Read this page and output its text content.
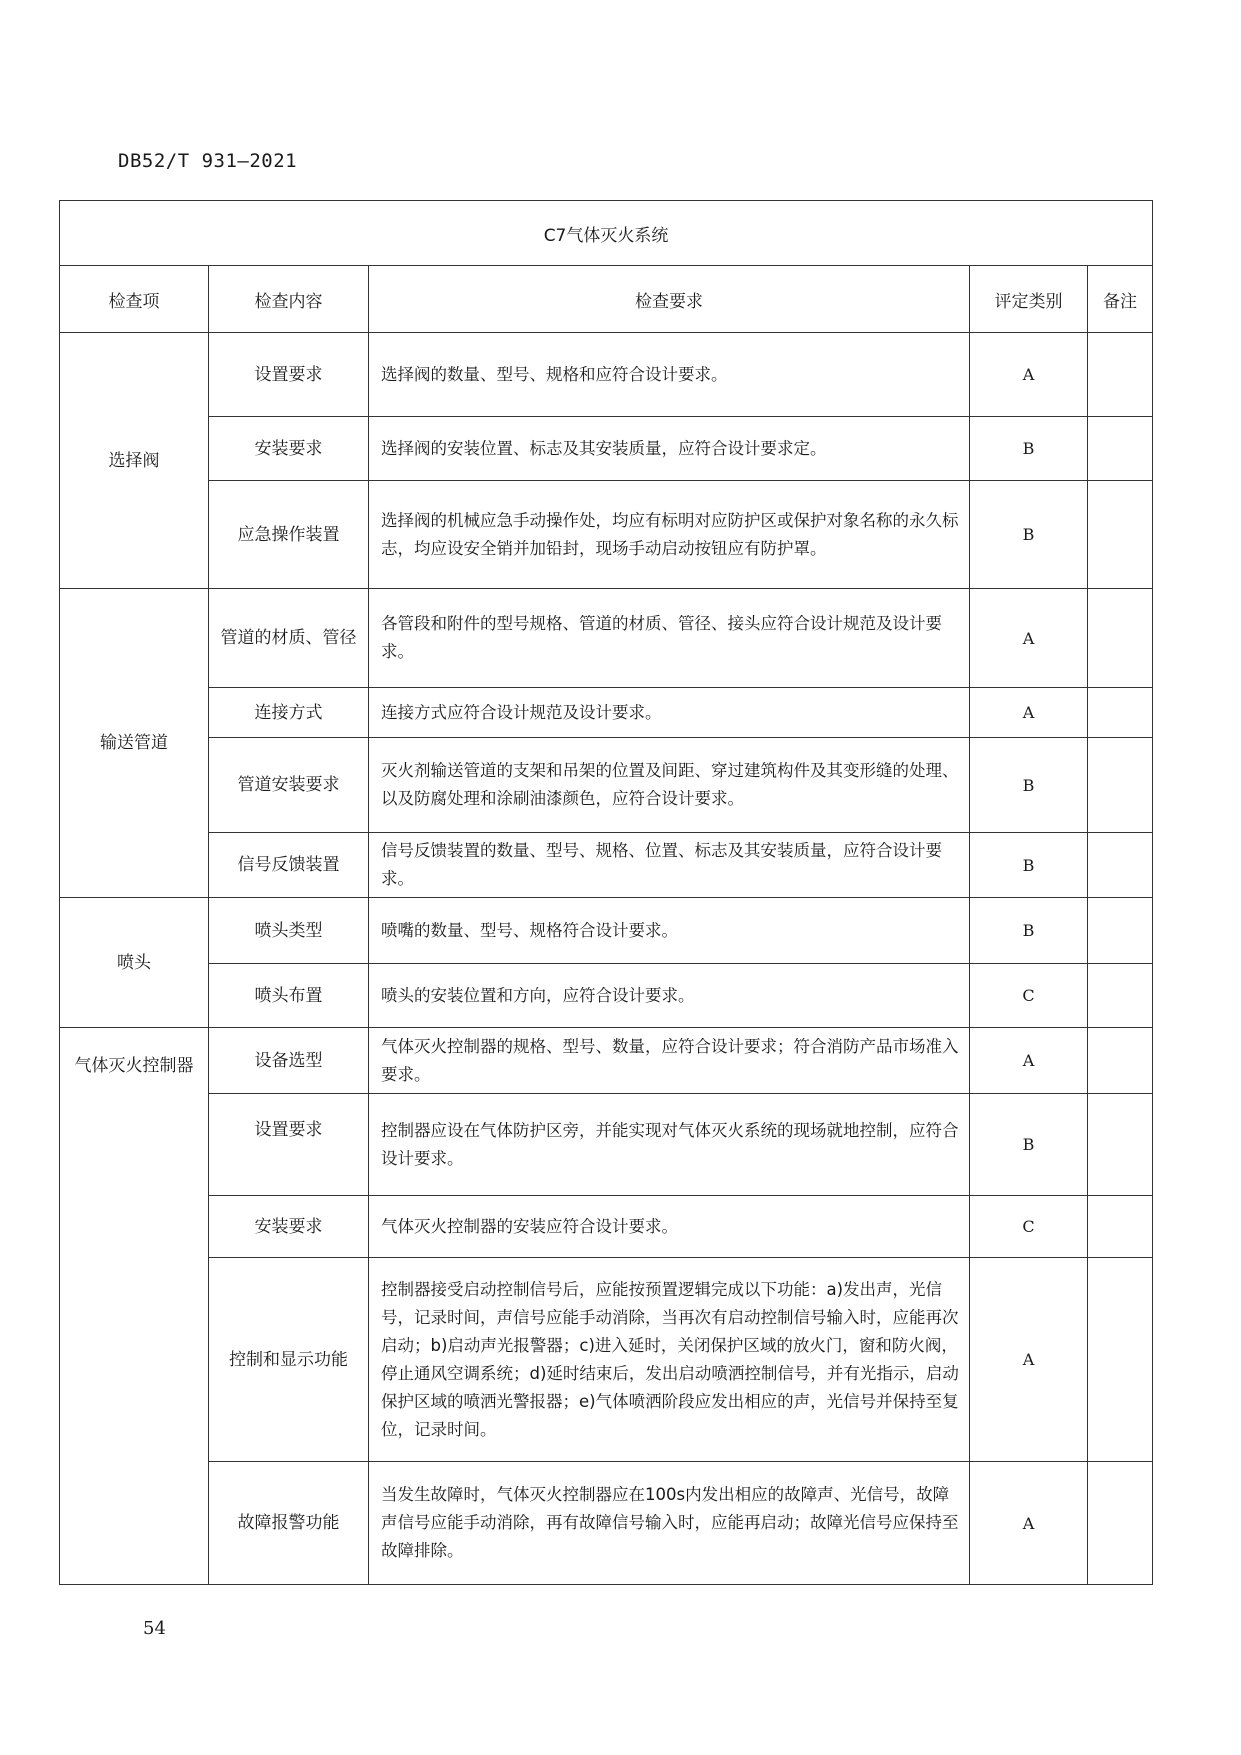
DB52/T 931—2021
C7气体灭火系统				
检查项	检查内容	检查要求	评定类别	备注
选择阀	设置要求	选择阀的数量、型号、规格和应符合设计要求。	A	
	安装要求	选择阀的安装位置、标志及其安装质量，应符合设计要求定。	B	
	应急操作装置	选择阀的机械应急手动操作处，均应有标明对应防护区或保护对象名称的永久标志，均应设安全销并加铅封，现场手动启动按钮应有防护罩。	B	
输送管道	管道的材质、管径	各管段和附件的型号规格、管道的材质、管径、接头应符合设计规范及设计要求。	A	
	连接方式	连接方式应符合设计规范及设计要求。	A	
	管道安装要求	灭火剂输送管道的支架和吊架的位置及间距、穿过建筑构件及其变形缝的处理、以及防腐处理和涂刷油漆颜色，应符合设计要求。	B	
	信号反馈装置	信号反馈装置的数量、型号、规格、位置、标志及其安装质量，应符合设计要求。	B	
喷头	喷头类型	喷嘴的数量、型号、规格符合设计要求。	B	
	喷头布置	喷头的安装位置和方向，应符合设计要求。	C	
气体灭火控制器	设备选型	气体灭火控制器的规格、型号、数量，应符合设计要求；符合消防产品市场准入要求。	A	
	设置要求	控制器应设在气体防护区旁，并能实现对气体灭火系统的现场就地控制，应符合设计要求。	B	
	安装要求	气体灭火控制器的安装应符合设计要求。	C	
	控制和显示功能	控制器接受启动控制信号后，应能按预置逻辑完成以下功能：a)发出声，光信号，记录时间，声信号应能手动消除，当再次有启动控制信号输入时，应能再次启动；b)启动声光报警器；c)进入延时，关闭保护区域的放火门，窗和防火阀，停止通风空调系统；d)延时结束后，发出启动喷洒控制信号，并有光指示，启动保护区域的喷洒光警报器；e)气体喷洒阶段应发出相应的声，光信号并保持至复位，记录时间。	A	
	故障报警功能	当发生故障时，气体灭火控制器应在100s内发出相应的故障声、光信号，故障声信号应能手动消除，再有故障信号输入时，应能再启动；故障光信号应保持至故障排除。	A	
54
